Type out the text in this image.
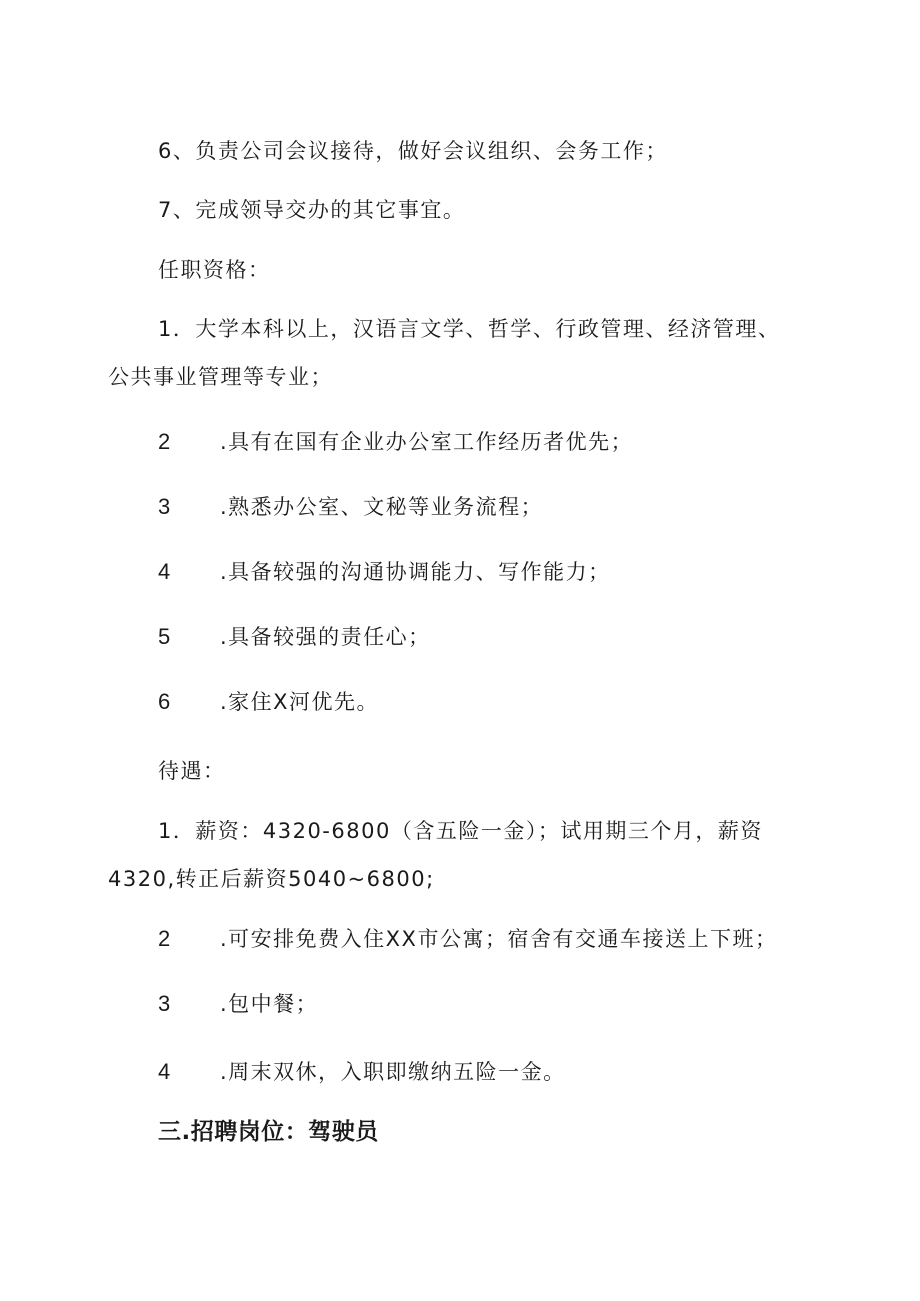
6、负责公司会议接待，做好会议组织、会务工作；
7、完成领导交办的其它事宜。
任职资格：
1．大学本科以上，汉语言文学、哲学、行政管理、经济管理、
公共事业管理等专业；
2 .具有在国有企业办公室工作经历者优先；
3 .熟悉办公室、文秘等业务流程；
4 .具备较强的沟通协调能力、写作能力；
5 .具备较强的责任心；
6 .家住X河优先。
待遇：
1．薪资：4320-6800（含五险一金）；试用期三个月，薪资
4320,转正后薪资5040~6800;
2 .可安排免费入住XX市公寓；宿舍有交通车接送上下班；
3 .包中餐；
4 .周末双休，入职即缴纳五险一金。
三.招聘岗位：驾驶员
